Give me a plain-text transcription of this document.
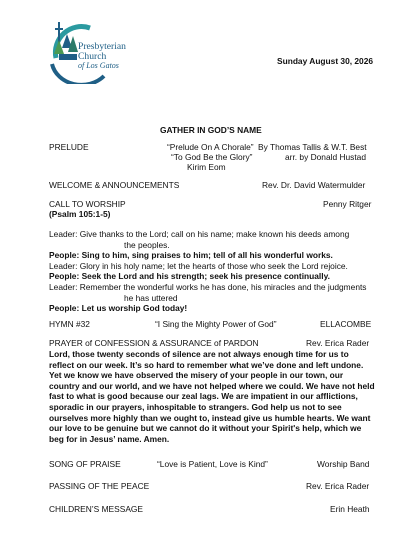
Presbyterian
Church
of Los Gatos	Sunday August 30, 2026
GATHER IN GOD’S NAME
PRELUDE	“Prelude On A Chorale” By Thomas Tallis & W.T. Best
“To God Be the Glory”	arr. by Donald Hustad
Kirim Eom
WELCOME & ANNOUNCEMENTS	Rev. Dr. David Watermulder
CALL TO WORSHIP	Penny Ritger
(Psalm 105:1-5)
Leader: Give thanks to the Lord; call on his name; make known his deeds among
the peoples.
People: Sing to him, sing praises to him; tell of all his wonderful works.
Leader: Glory in his holy name; let the hearts of those who seek the Lord rejoice.
People: Seek the Lord and his strength; seek his presence continually.
Leader: Remember the wonderful works he has done, his miracles and the judgments
he has uttered
People: Let us worship God today!
HYMN #32	“I Sing the Mighty Power of God”	ELLACOMBE
PRAYER of CONFESSION & ASSURANCE of PARDON	Rev. Erica Rader
Lord, those twenty seconds of silence are not always enough time for us to
reflect on our week. It’s so hard to remember what we’ve done and left undone.
Yet we know we have observed the misery of your people in our town, our
country and our world, and we have not helped where we could. We have not held
fast to what is good because our zeal lags. We are impatient in our afflictions,
sporadic in our prayers, inhospitable to strangers. God help us not to see
ourselves more highly than we ought to, instead give us humble hearts. We want
our love to be genuine but we cannot do it without your Spirit's help, which we
beg for in Jesus’ name. Amen.
SONG OF PRAISE	“Love is Patient, Love is Kind”	Worship Band
PASSING OF THE PEACE	Rev. Erica Rader
CHILDREN’S MESSAGE	Erin Heath
